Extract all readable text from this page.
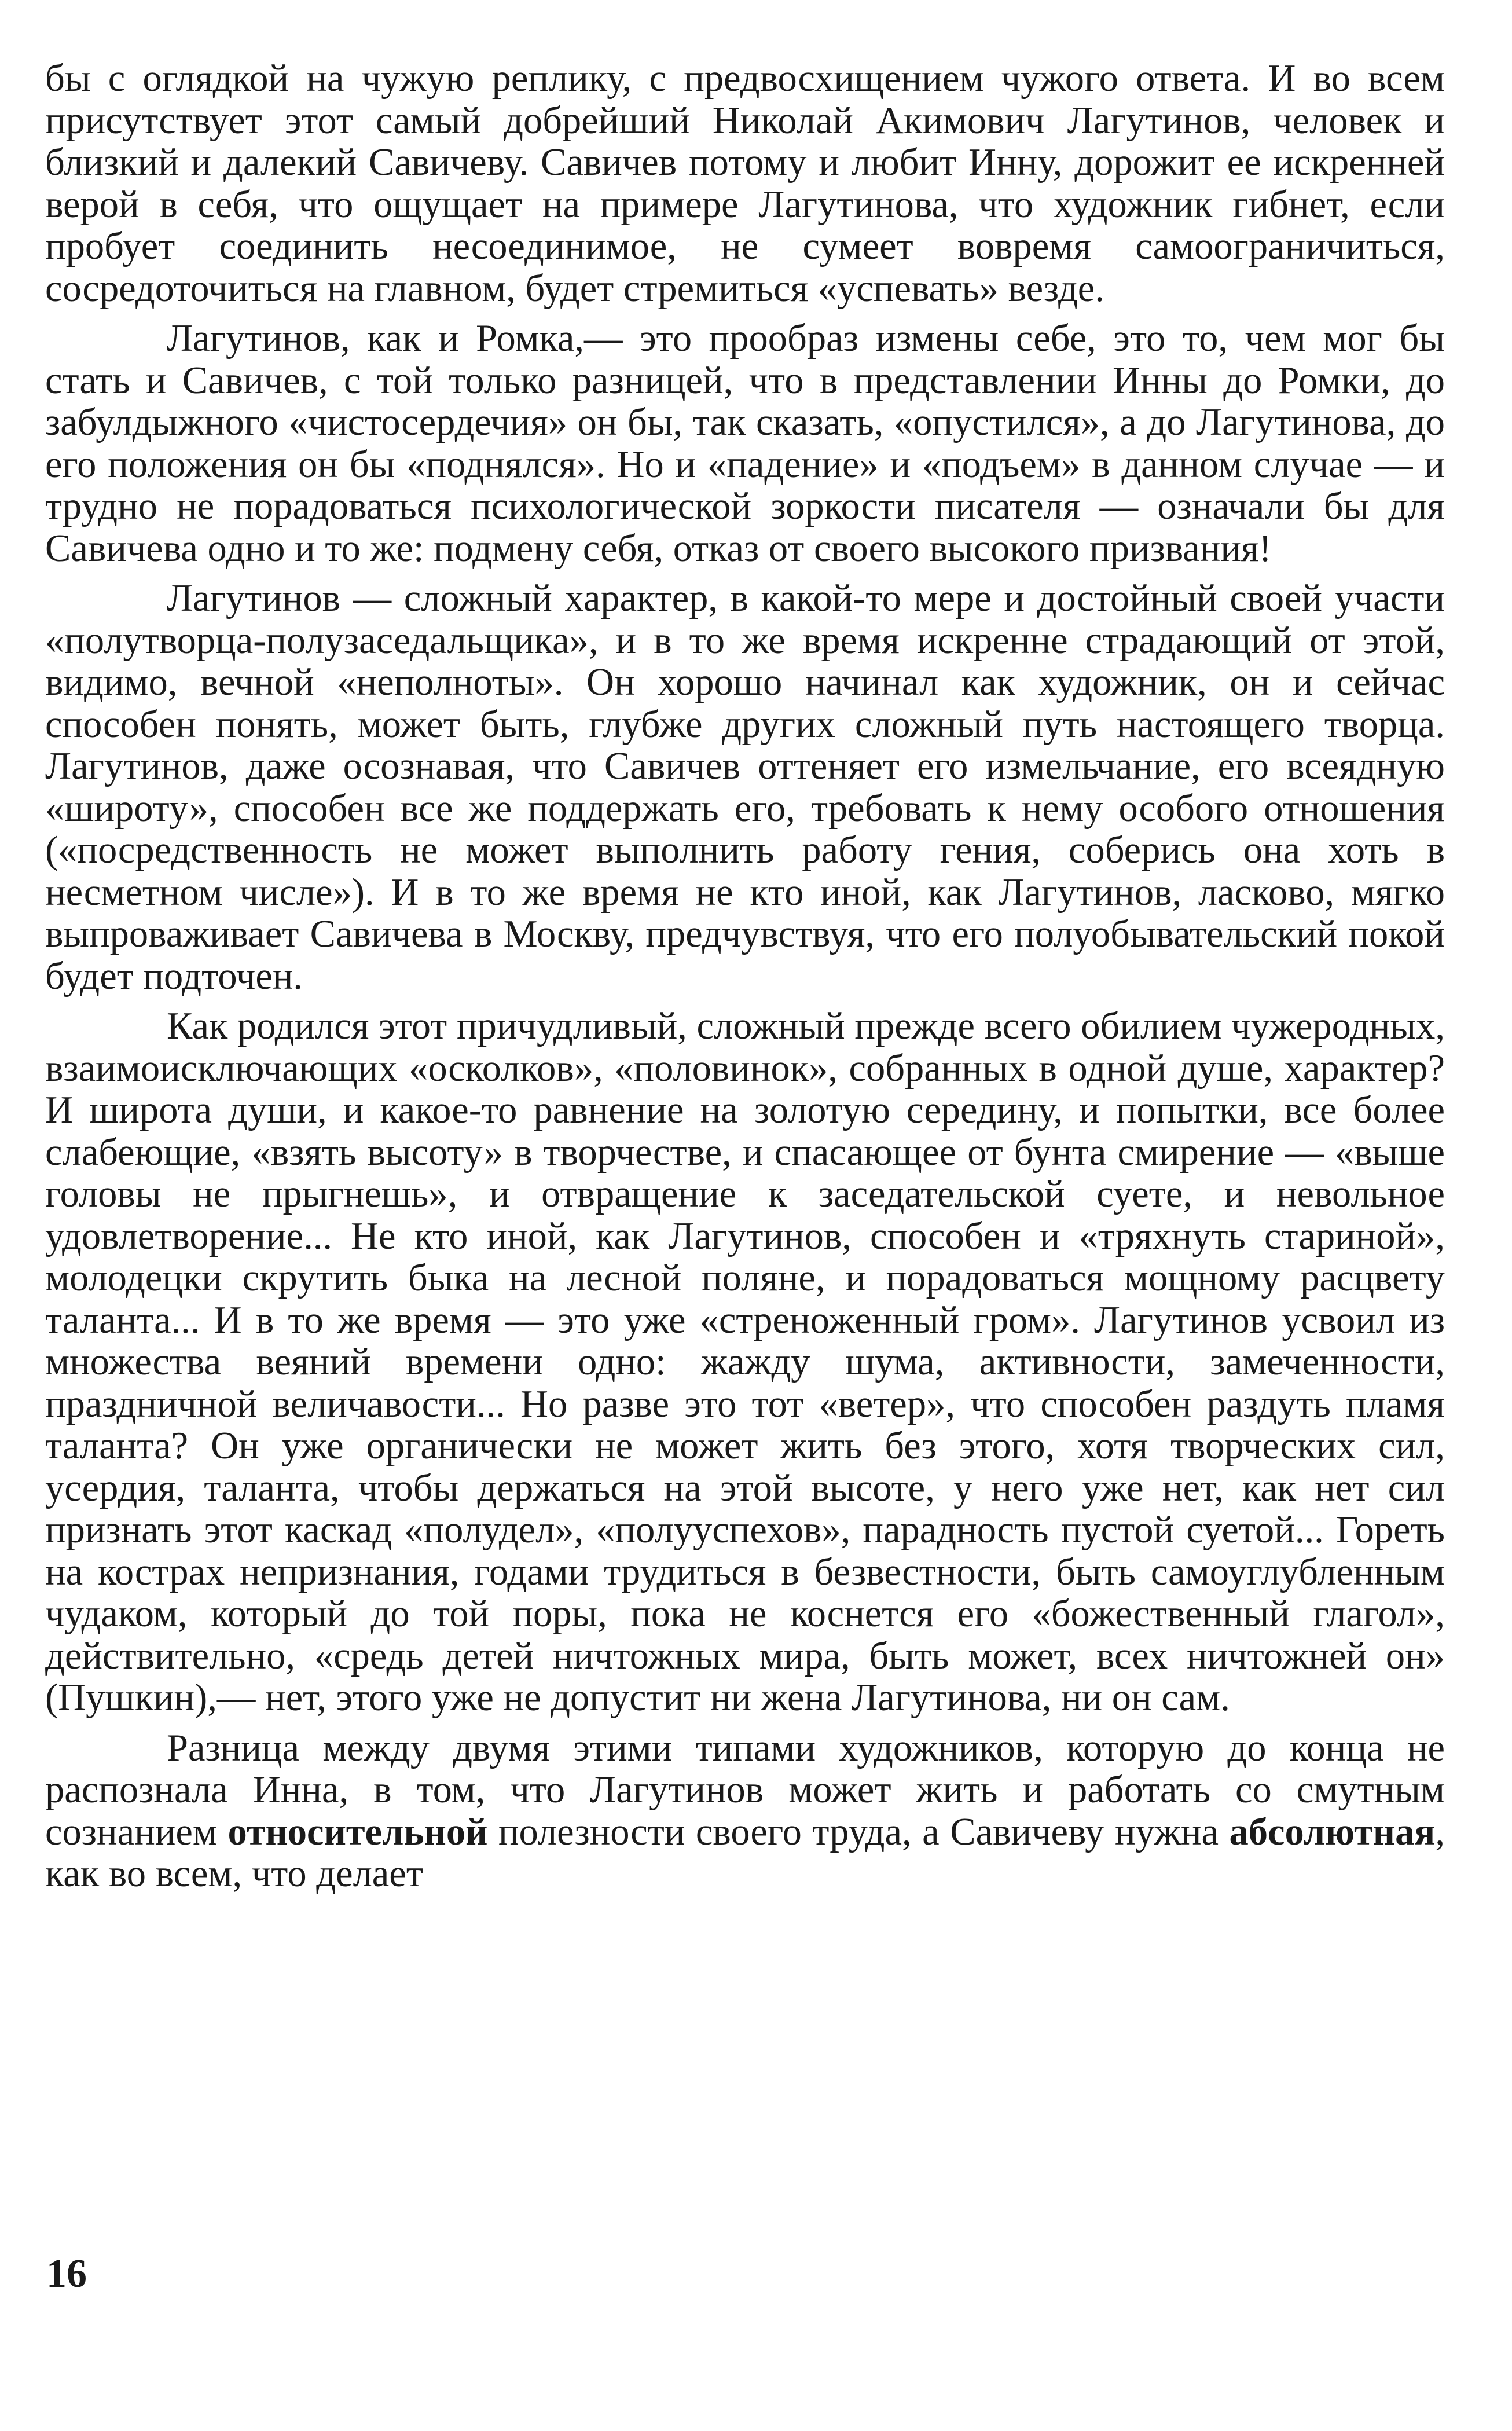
бы с оглядкой на чужую реплику, с предвосхищением чужого ответа. И во всем присутствует этот самый добрейший Николай Акимович Лагутинов, человек и близкий и далекий Савичеву. Савичев потому и любит Инну, дорожит ее искренней верой в себя, что ощущает на примере Лагутинова, что художник гибнет, если пробует соединить несоединимое, не сумеет вовремя самоограничиться, сосредоточиться на главном, будет стремиться «успевать» везде.

Лагутинов, как и Ромка,— это прообраз измены себе, это то, чем мог бы стать и Савичев, с той только разницей, что в представлении Инны до Ромки, до забулдыжного «чистосердечия» он бы, так сказать, «опустился», а до Лагутинова, до его положения он бы «поднялся». Но и «падение» и «подъем» в данном случае — и трудно не порадоваться психологической зоркости писателя — означали бы для Савичева одно и то же: подмену себя, отказ от своего высокого призвания!

Лагутинов — сложный характер, в какой-то мере и достойный своей участи «полутворца-полузаседальщика», и в то же время искренне страдающий от этой, видимо, вечной «неполноты». Он хорошо начинал как художник, он и сейчас способен понять, может быть, глубже других сложный путь настоящего творца. Лагутинов, даже осознавая, что Савичев оттеняет его измельчание, его всеядную «широту», способен все же поддержать его, требовать к нему особого отношения («посредственность не может выполнить работу гения, соберись она хоть в несметном числе»). И в то же время не кто иной, как Лагутинов, ласково, мягко выпроваживает Савичева в Москву, предчувствуя, что его полуобывательский покой будет подточен.

Как родился этот причудливый, сложный прежде всего обилием чужеродных, взаимоисключающих «осколков», «половинок», собранных в одной душе, характер? И широта души, и какое-то равнение на золотую середину, и попытки, все более слабеющие, «взять высоту» в творчестве, и спасающее от бунта смирение — «выше головы не прыгнешь», и отвращение к заседательской суете, и невольное удовлетворение... Не кто иной, как Лагутинов, способен и «тряхнуть стариной», молодецки скрутить быка на лесной поляне, и порадоваться мощному расцвету таланта... И в то же время — это уже «стреноженный гром». Лагутинов усвоил из множества веяний времени одно: жажду шума, активности, замеченности, праздничной величавости... Но разве это тот «ветер», что способен раздуть пламя таланта? Он уже органически не может жить без этого, хотя творческих сил, усердия, таланта, чтобы держаться на этой высоте, у него уже нет, как нет сил признать этот каскад «полудел», «полууспехов», парадность пустой суетой... Гореть на кострах непризнания, годами трудиться в безвестности, быть самоуглубленным чудаком, который до той поры, пока не коснется его «божественный глагол», действительно, «средь детей ничтожных мира, быть может, всех ничтожней он» (Пушкин),— нет, этого уже не допустит ни жена Лагутинова, ни он сам.

Разница между двумя этими типами художников, которую до конца не распознала Инна, в том, что Лагутинов может жить и работать со смутным сознанием относительной полезности своего труда, а Савичеву нужна абсолютная, как во всем, что делает

16
